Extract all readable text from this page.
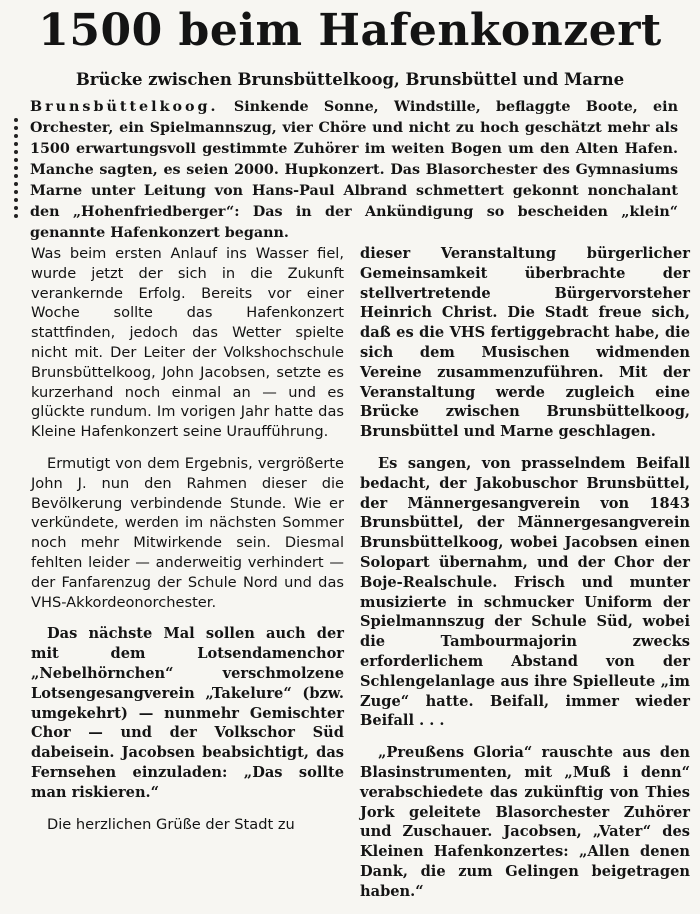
1500 beim Hafenkonzert
Brücke zwischen Brunsbüttelkoog, Brunsbüttel und Marne

Brunsbüttelkoog. Sinkende Sonne, Windstille, beflaggte Boote, ein Orchester, ein Spielmannszug, vier Chöre und nicht zu hoch geschätzt mehr als 1500 erwartungsvoll gestimmte Zuhörer im weiten Bogen um den Alten Hafen. Manche sagten, es seien 2000. Hupkonzert. Das Blasorchester des Gymnasiums Marne unter Leitung von Hans-Paul Albrand schmettert gekonnt nonchalant den „Hohenfriedberger“: Das in der Ankündigung so bescheiden „klein“ genannte Hafenkonzert begann.

Was beim ersten Anlauf ins Wasser fiel, wurde jetzt der sich in die Zukunft verankernde Erfolg. Bereits vor einer Woche sollte das Hafenkonzert stattfinden, jedoch das Wetter spielte nicht mit. Der Leiter der Volkshochschule Brunsbüttelkoog, John Jacobsen, setzte es kurzerhand noch einmal an — und es glückte rundum. Im vorigen Jahr hatte das Kleine Hafenkonzert seine Uraufführung.

Ermutigt von dem Ergebnis, vergrößerte John J. nun den Rahmen dieser die Bevölkerung verbindende Stunde. Wie er verkündete, werden im nächsten Sommer noch mehr Mitwirkende sein. Diesmal fehlten leider — anderweitig verhindert — der Fanfarenzug der Schule Nord und das VHS-Akkordeonorchester.

Das nächste Mal sollen auch der mit dem Lotsendamenchor „Nebelhörnchen“ verschmolzene Lotsengesangverein „Takelure“ (bzw. umgekehrt) — nunmehr Gemischter Chor — und der Volkschor Süd dabeisein. Jacobsen beabsichtigt, das Fernsehen einzuladen: „Das sollte man riskieren.“

Die herzlichen Grüße der Stadt zu

dieser Veranstaltung bürgerlicher Gemeinsamkeit überbrachte der stellvertretende Bürgervorsteher Heinrich Christ. Die Stadt freue sich, daß es die VHS fertiggebracht habe, die sich dem Musischen widmenden Vereine zusammenzuführen. Mit der Veranstaltung werde zugleich eine Brücke zwischen Brunsbüttelkoog, Brunsbüttel und Marne geschlagen.

Es sangen, von prasselndem Beifall bedacht, der Jakobuschor Brunsbüttel, der Männergesangverein von 1843 Brunsbüttel, der Männergesangverein Brunsbüttelkoog, wobei Jacobsen einen Solopart übernahm, und der Chor der Boje-Realschule. Frisch und munter musizierte in schmucker Uniform der Spielmannszug der Schule Süd, wobei die Tambourmajorin zwecks erforderlichem Abstand von der Schlengelanlage aus ihre Spielleute „im Zuge“ hatte. Beifall, immer wieder Beifall . . .

„Preußens Gloria“ rauschte aus den Blasinstrumenten, mit „Muß i denn“ verabschiedete das zukünftig von Thies Jork geleitete Blasorchester Zuhörer und Zuschauer. Jacobsen, „Vater“ des Kleinen Hafenkonzertes: „Allen denen Dank, die zum Gelingen beigetragen haben.“
